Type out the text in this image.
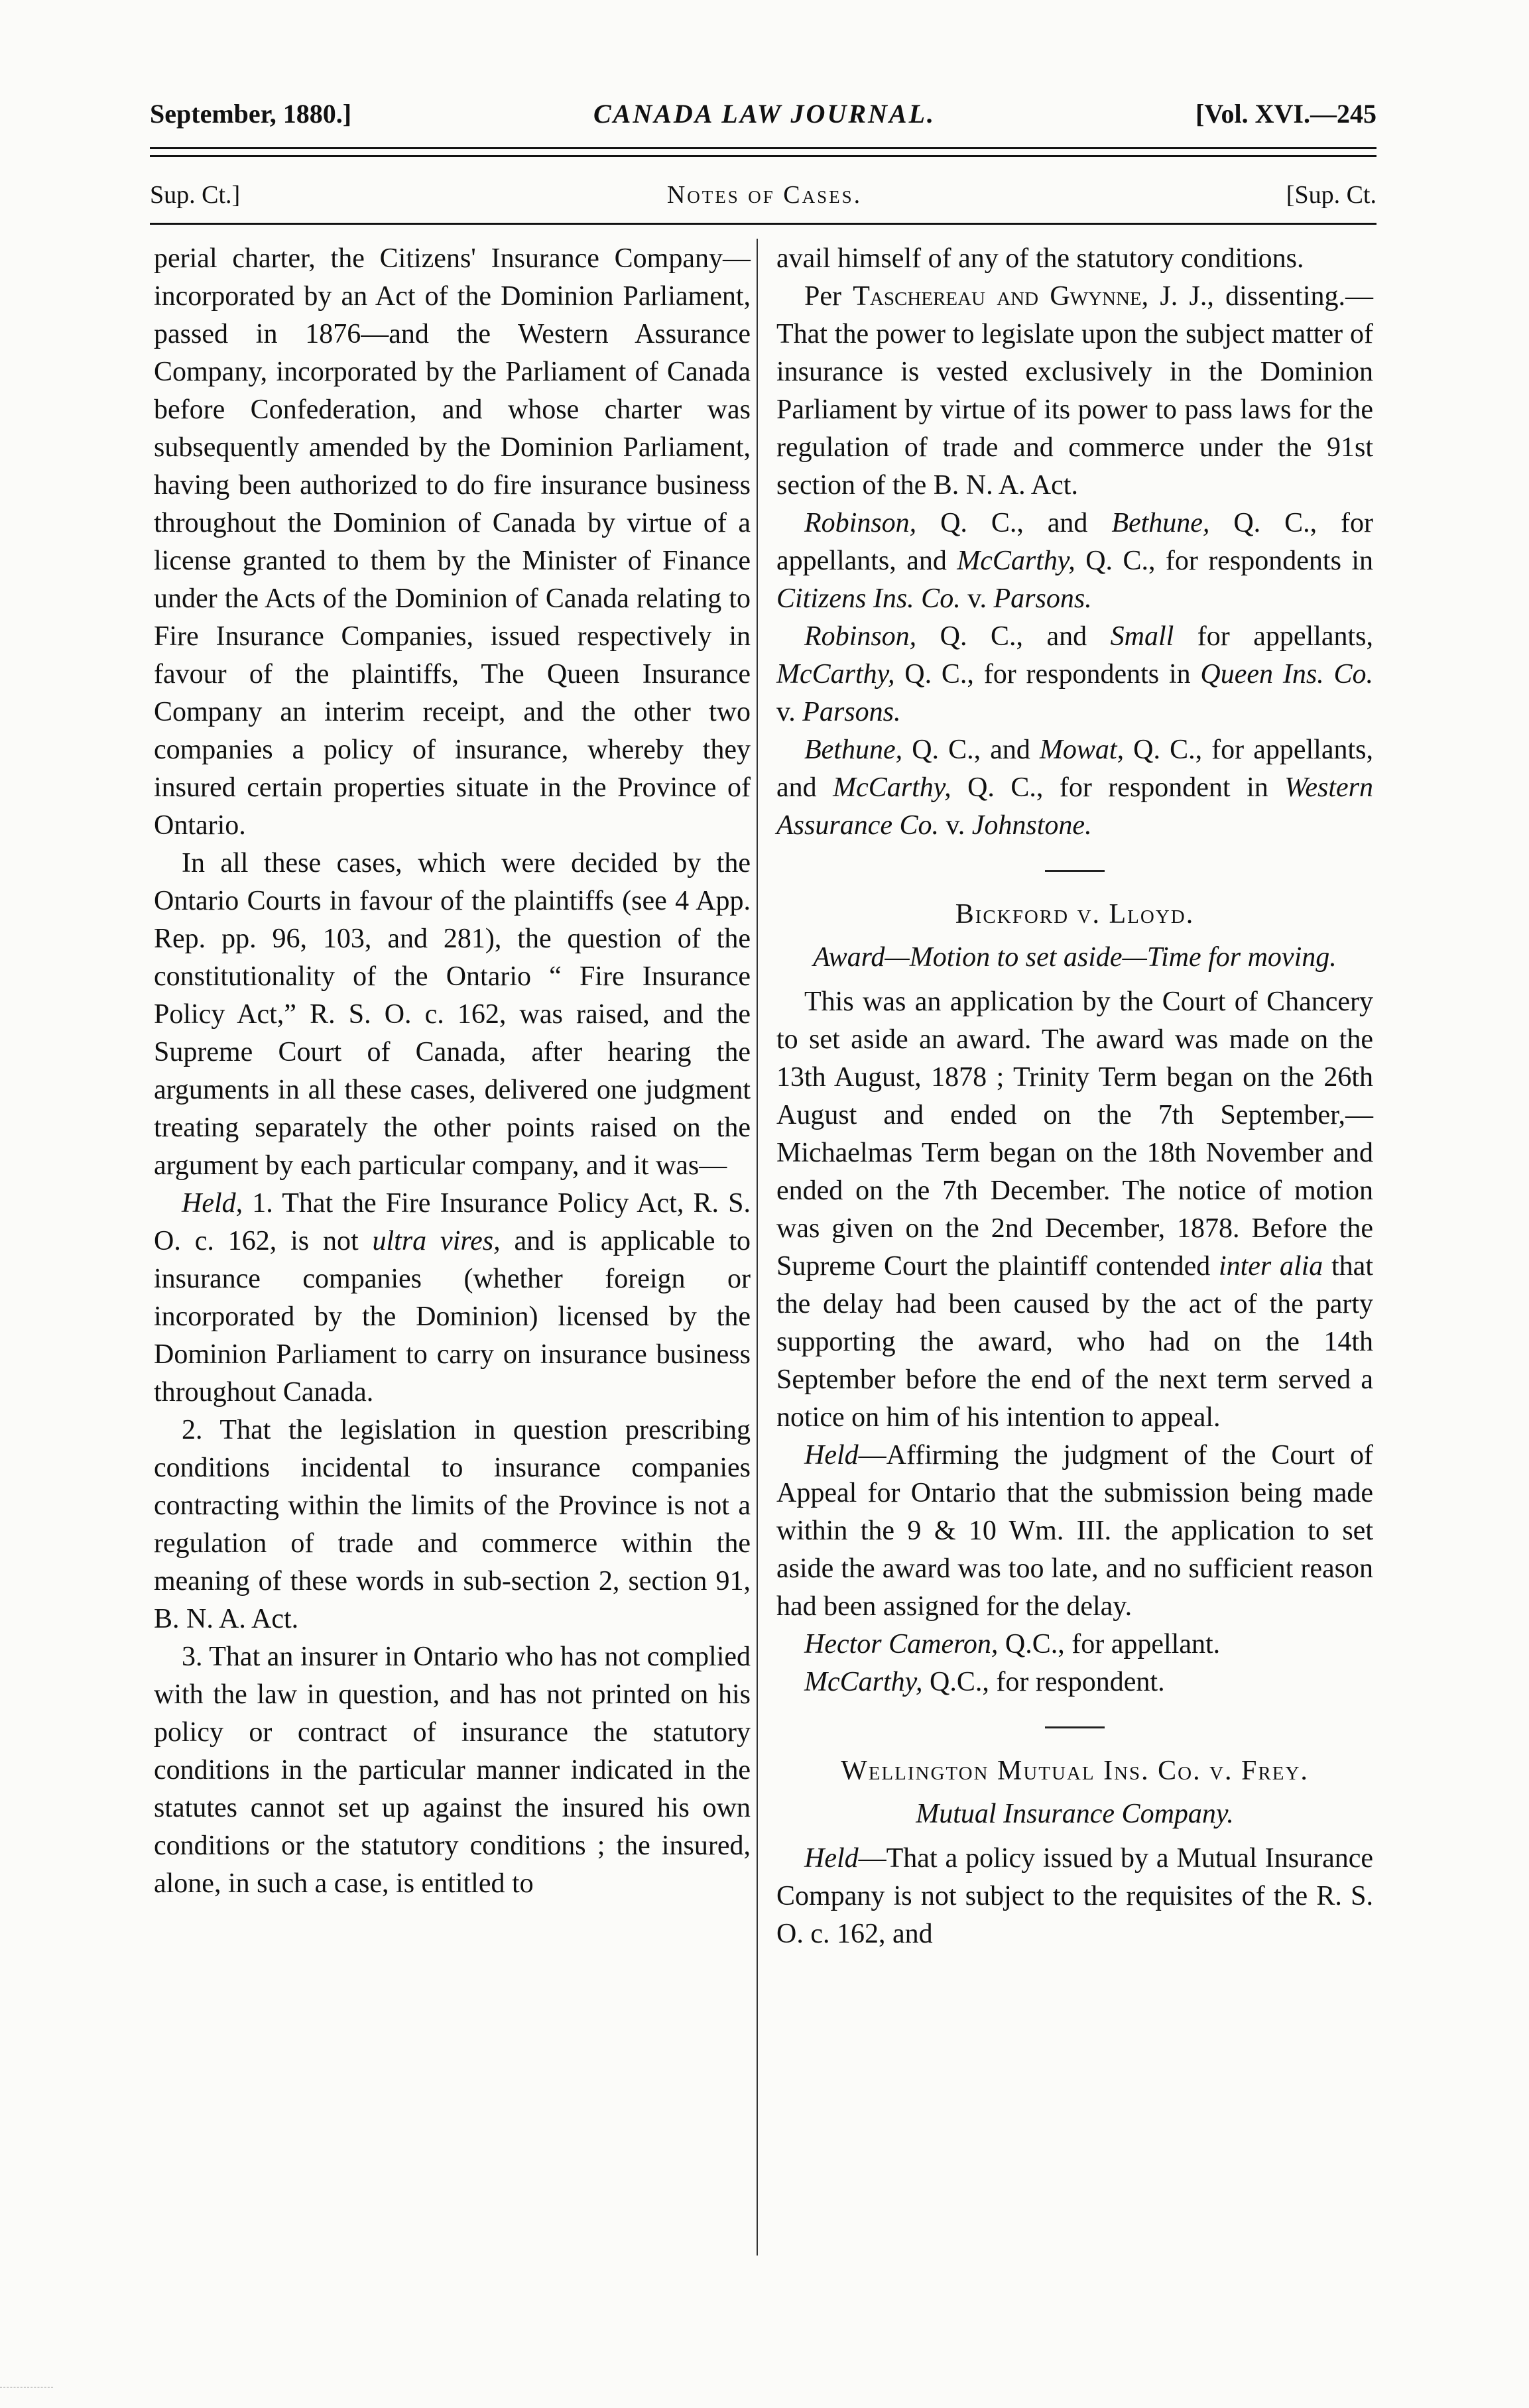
September, 1880.]	CANADA LAW JOURNAL.	[Vol. XVI.—245
Sup. Ct.]	Notes of Cases.	[Sup. Ct.

perial charter, the Citizens' Insurance Company—incorporated by an Act of the Dominion Parliament, passed in 1876—and the Western Assurance Company, incorporated by the Parliament of Canada before Confederation, and whose charter was subsequently amended by the Dominion Parliament, having been authorized to do fire insurance business throughout the Dominion of Canada by virtue of a license granted to them by the Minister of Finance under the Acts of the Dominion of Canada relating to Fire Insurance Companies, issued respectively in favour of the plaintiffs, The Queen Insurance Company an interim receipt, and the other two companies a policy of insurance, whereby they insured certain properties situate in the Province of Ontario.

In all these cases, which were decided by the Ontario Courts in favour of the plaintiffs (see 4 App. Rep. pp. 96, 103, and 281), the question of the constitutionality of the Ontario “ Fire Insurance Policy Act,” R. S. O. c. 162, was raised, and the Supreme Court of Canada, after hearing the arguments in all these cases, delivered one judgment treating separately the other points raised on the argument by each particular company, and it was—

Held, 1. That the Fire Insurance Policy Act, R. S. O. c. 162, is not ultra vires, and is applicable to insurance companies (whether foreign or incorporated by the Dominion) licensed by the Dominion Parliament to carry on insurance business throughout Canada.

2. That the legislation in question prescribing conditions incidental to insurance companies contracting within the limits of the Province is not a regulation of trade and commerce within the meaning of these words in sub-section 2, section 91, B. N. A. Act.

3. That an insurer in Ontario who has not complied with the law in question, and has not printed on his policy or contract of insurance the statutory conditions in the particular manner indicated in the statutes cannot set up against the insured his own conditions or the statutory conditions ; the insured, alone, in such a case, is entitled to

avail himself of any of the statutory conditions.

Per Taschereau and Gwynne, J. J., dissenting.—That the power to legislate upon the subject matter of insurance is vested exclusively in the Dominion Parliament by virtue of its power to pass laws for the regulation of trade and commerce under the 91st section of the B. N. A. Act.

Robinson, Q. C., and Bethune, Q. C., for appellants, and McCarthy, Q. C., for respondents in Citizens Ins. Co. v. Parsons.

Robinson, Q. C., and Small for appellants, McCarthy, Q. C., for respondents in Queen Ins. Co. v. Parsons.

Bethune, Q. C., and Mowat, Q. C., for appellants, and McCarthy, Q. C., for respondent in Western Assurance Co. v. Johnstone.

Bickford v. Lloyd.

Award—Motion to set aside—Time for moving.

This was an application by the Court of Chancery to set aside an award. The award was made on the 13th August, 1878 ; Trinity Term began on the 26th August and ended on the 7th September,—Michaelmas Term began on the 18th November and ended on the 7th December. The notice of motion was given on the 2nd December, 1878. Before the Supreme Court the plaintiff contended inter alia that the delay had been caused by the act of the party supporting the award, who had on the 14th September before the end of the next term served a notice on him of his intention to appeal.

Held—Affirming the judgment of the Court of Appeal for Ontario that the submission being made within the 9 & 10 Wm. III. the application to set aside the award was too late, and no sufficient reason had been assigned for the delay.

Hector Cameron, Q.C., for appellant.

McCarthy, Q.C., for respondent.

Wellington Mutual Ins. Co. v. Frey.

Mutual Insurance Company.

Held—That a policy issued by a Mutual Insurance Company is not subject to the requisites of the R. S. O. c. 162, and
